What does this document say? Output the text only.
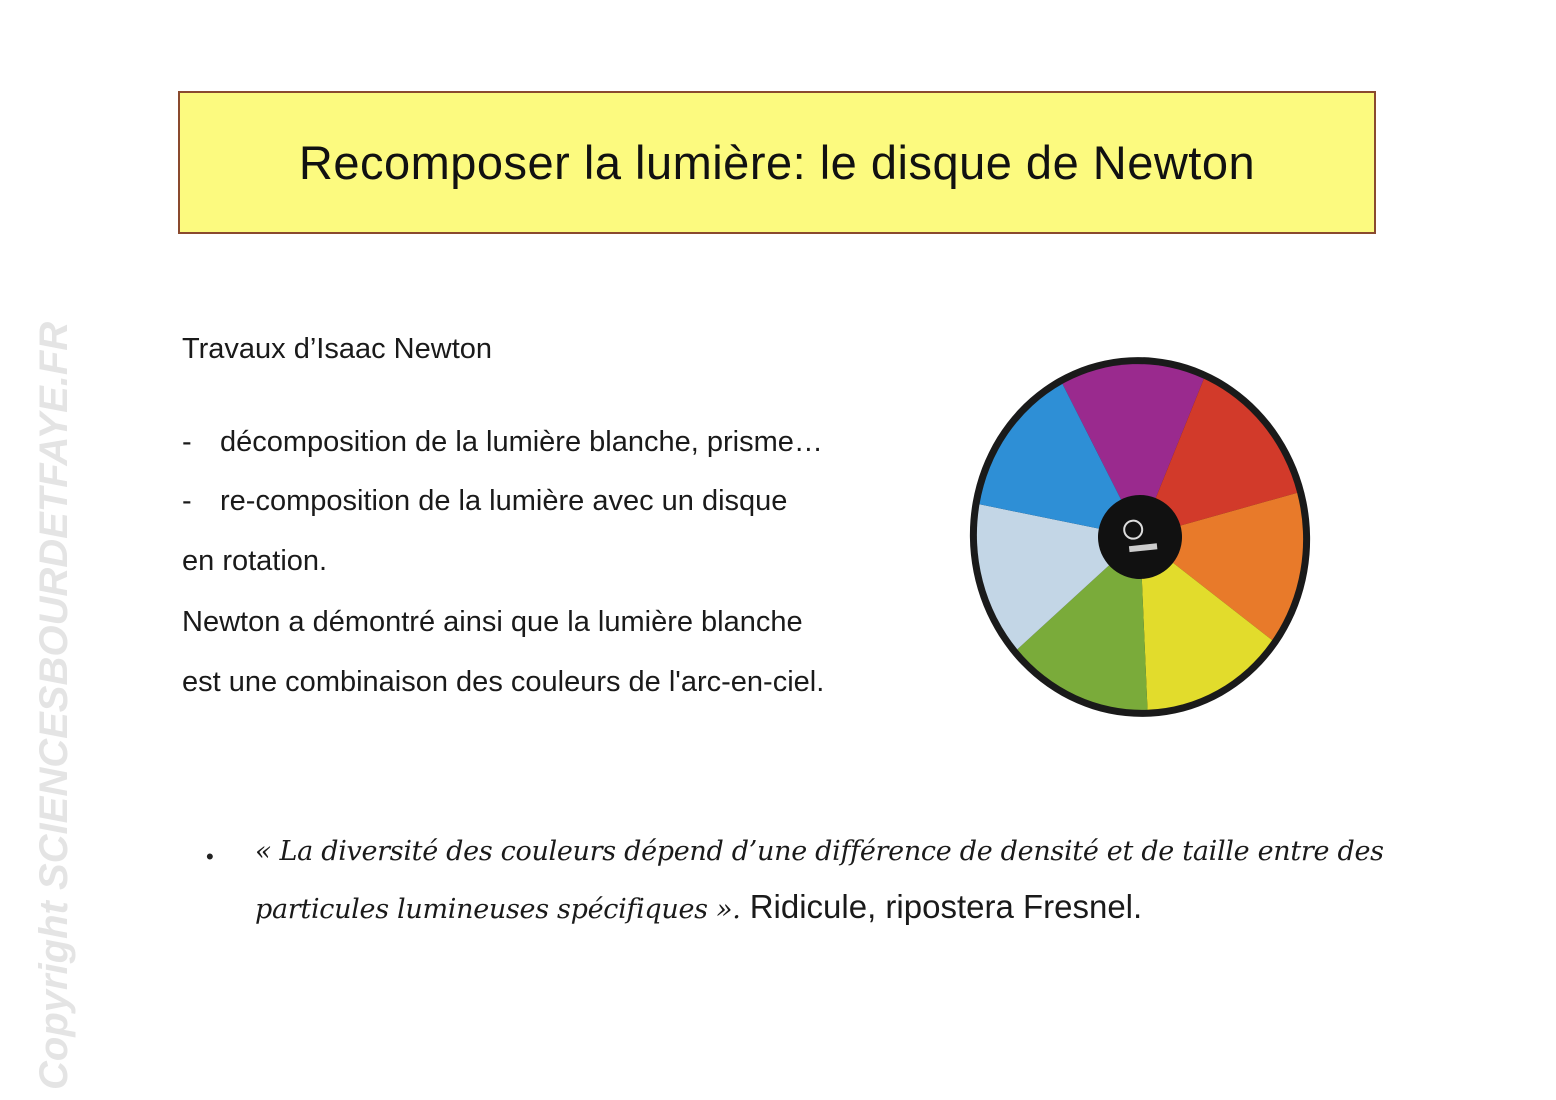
Copyright SCIENCESBOURDETFAYE.FR
Recomposer la lumière: le disque de Newton
Travaux d’Isaac Newton
- décomposition de la lumière blanche, prisme…
- re-composition de la lumière avec un disque
en rotation.
Newton a démontré ainsi que la lumière blanche
est une combinaison des couleurs de l'arc-en-ciel.
• « La diversité des couleurs dépend d’une différence de densité et de taille entre des
particules lumineuses spécifiques ». Ridicule, ripostera Fresnel.
